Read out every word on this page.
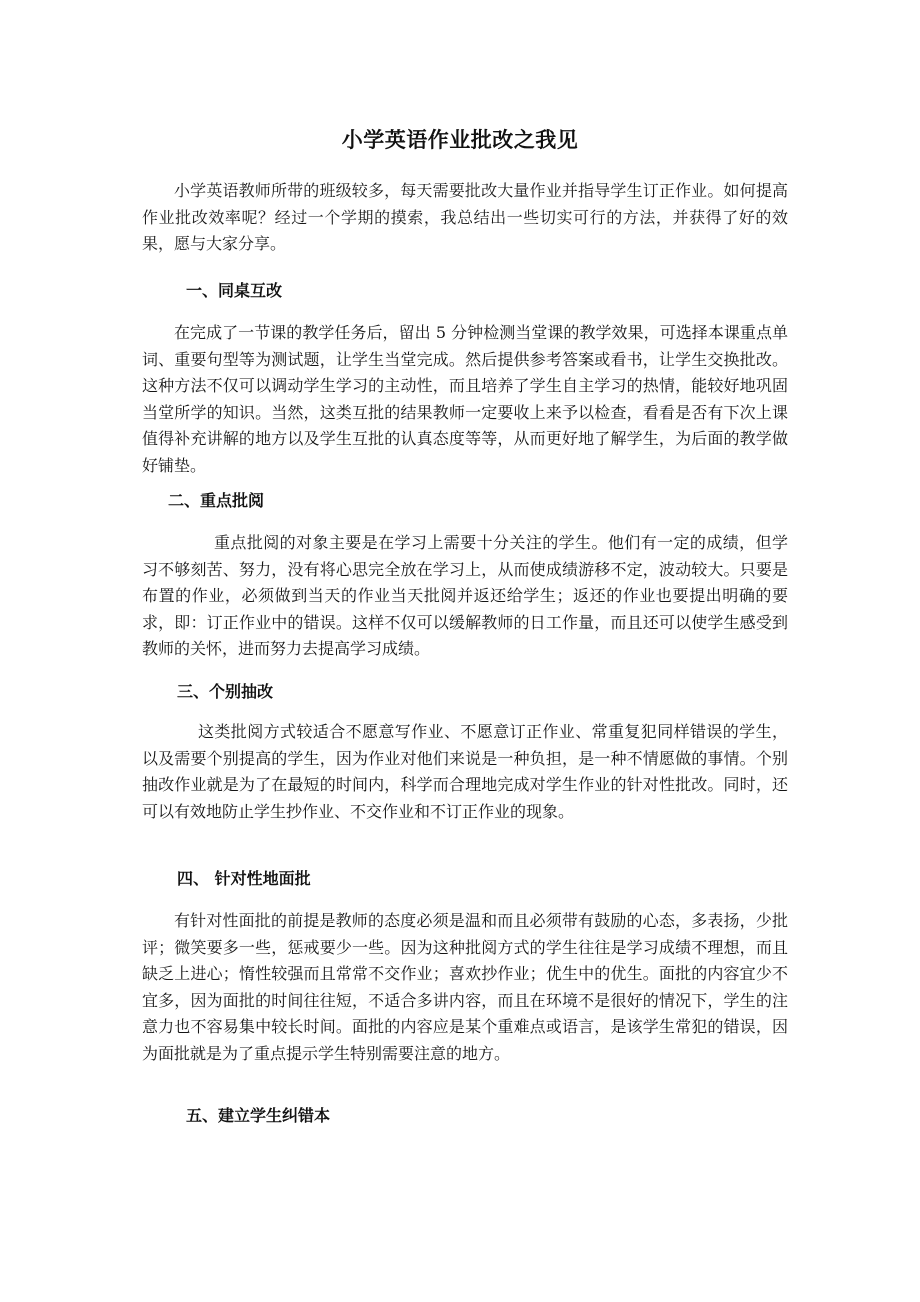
小学英语作业批改之我见

小学英语教师所带的班级较多，每天需要批改大量作业并指导学生订正作业。如何提高作业批改效率呢？经过一个学期的摸索，我总结出一些切实可行的方法，并获得了好的效果，愿与大家分享。

一、同桌互改

在完成了一节课的教学任务后，留出 5 分钟检测当堂课的教学效果，可选择本课重点单词、重要句型等为测试题，让学生当堂完成。然后提供参考答案或看书，让学生交换批改。这种方法不仅可以调动学生学习的主动性，而且培养了学生自主学习的热情，能较好地巩固当堂所学的知识。当然，这类互批的结果教师一定要收上来予以检查，看看是否有下次上课值得补充讲解的地方以及学生互批的认真态度等等，从而更好地了解学生，为后面的教学做好铺垫。

二、重点批阅

重点批阅的对象主要是在学习上需要十分关注的学生。他们有一定的成绩，但学习不够刻苦、努力，没有将心思完全放在学习上，从而使成绩游移不定，波动较大。只要是布置的作业，必须做到当天的作业当天批阅并返还给学生；返还的作业也要提出明确的要求，即：订正作业中的错误。这样不仅可以缓解教师的日工作量，而且还可以使学生感受到教师的关怀，进而努力去提高学习成绩。

三、个别抽改

这类批阅方式较适合不愿意写作业、不愿意订正作业、常重复犯同样错误的学生，以及需要个别提高的学生，因为作业对他们来说是一种负担，是一种不情愿做的事情。个别抽改作业就是为了在最短的时间内，科学而合理地完成对学生作业的针对性批改。同时，还可以有效地防止学生抄作业、不交作业和不订正作业的现象。

四、 针对性地面批

有针对性面批的前提是教师的态度必须是温和而且必须带有鼓励的心态，多表扬，少批评；微笑要多一些，惩戒要少一些。因为这种批阅方式的学生往往是学习成绩不理想，而且缺乏上进心；惰性较强而且常常不交作业；喜欢抄作业；优生中的优生。面批的内容宜少不宜多，因为面批的时间往往短，不适合多讲内容，而且在环境不是很好的情况下，学生的注意力也不容易集中较长时间。面批的内容应是某个重难点或语言，是该学生常犯的错误，因为面批就是为了重点提示学生特别需要注意的地方。

五、建立学生纠错本
